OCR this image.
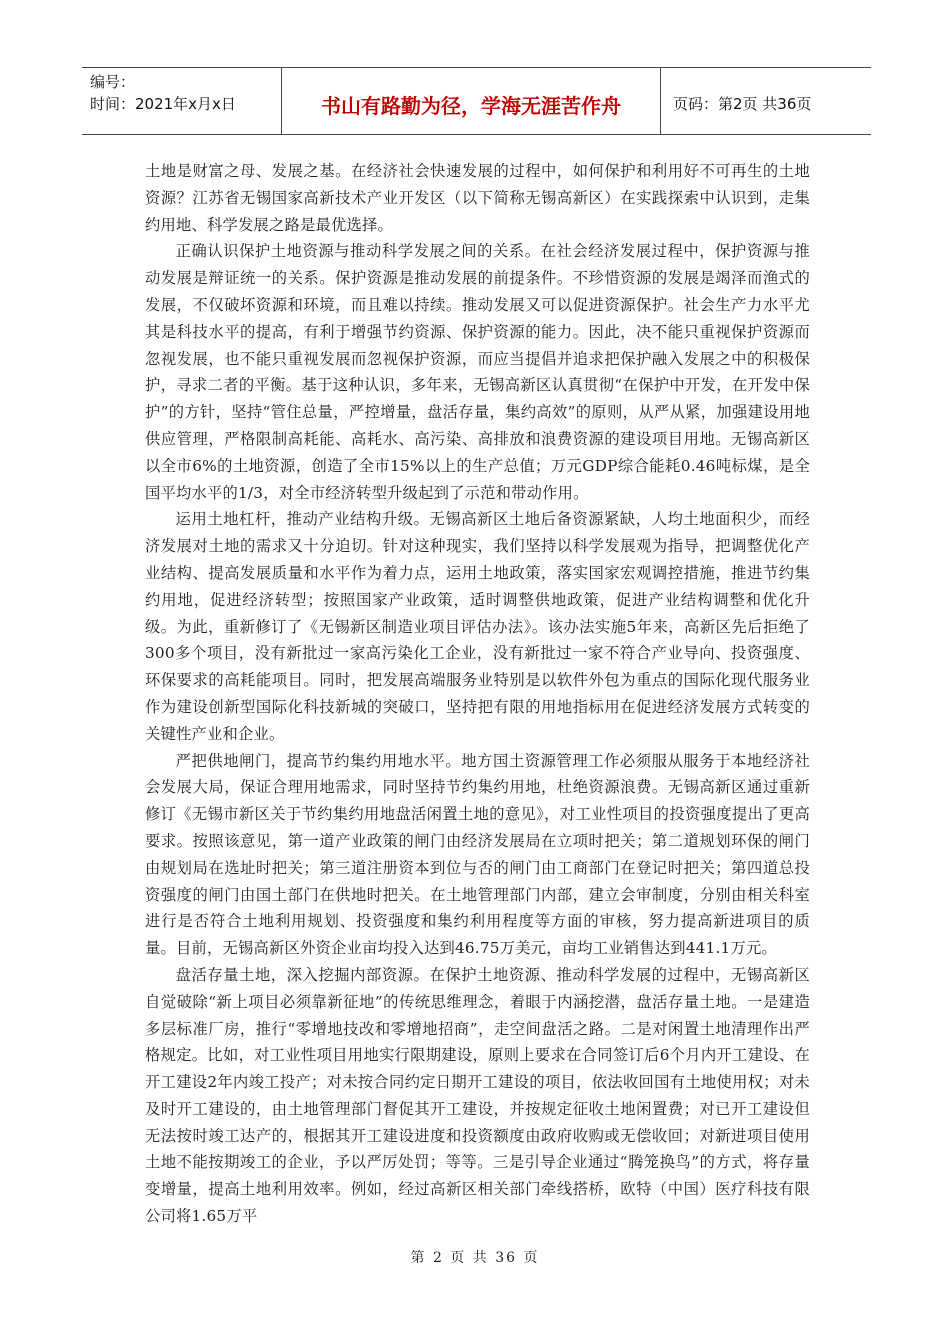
编号：
时间：2021年x月x日	书山有路勤为径，学海无涯苦作舟	页码：第2页 共36页

土地是财富之母、发展之基。在经济社会快速发展的过程中，如何保护和利用好不可再生的土地资源？江苏省无锡国家高新技术产业开发区（以下简称无锡高新区）在实践探索中认识到，走集约用地、科学发展之路是最优选择。

正确认识保护土地资源与推动科学发展之间的关系。在社会经济发展过程中，保护资源与推动发展是辩证统一的关系。保护资源是推动发展的前提条件。不珍惜资源的发展是竭泽而渔式的发展，不仅破坏资源和环境，而且难以持续。推动发展又可以促进资源保护。社会生产力水平尤其是科技水平的提高，有利于增强节约资源、保护资源的能力。因此，决不能只重视保护资源而忽视发展，也不能只重视发展而忽视保护资源，而应当提倡并追求把保护融入发展之中的积极保护，寻求二者的平衡。基于这种认识，多年来，无锡高新区认真贯彻“在保护中开发，在开发中保护”的方针，坚持“管住总量，严控增量，盘活存量，集约高效”的原则，从严从紧，加强建设用地供应管理，严格限制高耗能、高耗水、高污染、高排放和浪费资源的建设项目用地。无锡高新区以全市6%的土地资源，创造了全市15%以上的生产总值；万元GDP综合能耗0.46吨标煤，是全国平均水平的1/3，对全市经济转型升级起到了示范和带动作用。

运用土地杠杆，推动产业结构升级。无锡高新区土地后备资源紧缺，人均土地面积少，而经济发展对土地的需求又十分迫切。针对这种现实，我们坚持以科学发展观为指导，把调整优化产业结构、提高发展质量和水平作为着力点，运用土地政策，落实国家宏观调控措施，推进节约集约用地，促进经济转型；按照国家产业政策，适时调整供地政策，促进产业结构调整和优化升级。为此，重新修订了《无锡新区制造业项目评估办法》。该办法实施5年来，高新区先后拒绝了300多个项目，没有新批过一家高污染化工企业，没有新批过一家不符合产业导向、投资强度、环保要求的高耗能项目。同时，把发展高端服务业特别是以软件外包为重点的国际化现代服务业作为建设创新型国际化科技新城的突破口，坚持把有限的用地指标用在促进经济发展方式转变的关键性产业和企业。

严把供地闸门，提高节约集约用地水平。地方国土资源管理工作必须服从服务于本地经济社会发展大局，保证合理用地需求，同时坚持节约集约用地，杜绝资源浪费。无锡高新区通过重新修订《无锡市新区关于节约集约用地盘活闲置土地的意见》，对工业性项目的投资强度提出了更高要求。按照该意见，第一道产业政策的闸门由经济发展局在立项时把关；第二道规划环保的闸门由规划局在选址时把关；第三道注册资本到位与否的闸门由工商部门在登记时把关；第四道总投资强度的闸门由国土部门在供地时把关。在土地管理部门内部，建立会审制度，分别由相关科室进行是否符合土地利用规划、投资强度和集约利用程度等方面的审核，努力提高新进项目的质量。目前，无锡高新区外资企业亩均投入达到46.75万美元，亩均工业销售达到441.1万元。

盘活存量土地，深入挖掘内部资源。在保护土地资源、推动科学发展的过程中，无锡高新区自觉破除“新上项目必须靠新征地”的传统思维理念，着眼于内涵挖潜，盘活存量土地。一是建造多层标准厂房，推行“零增地技改和零增地招商”，走空间盘活之路。二是对闲置土地清理作出严格规定。比如，对工业性项目用地实行限期建设，原则上要求在合同签订后6个月内开工建设、在开工建设2年内竣工投产；对未按合同约定日期开工建设的项目，依法收回国有土地使用权；对未及时开工建设的，由土地管理部门督促其开工建设，并按规定征收土地闲置费；对已开工建设但无法按时竣工达产的，根据其开工建设进度和投资额度由政府收购或无偿收回；对新进项目使用土地不能按期竣工的企业，予以严厉处罚；等等。三是引导企业通过“腾笼换鸟”的方式，将存量变增量，提高土地利用效率。例如，经过高新区相关部门牵线搭桥，欧特（中国）医疗科技有限公司将1.65万平

第 2 页 共 36 页
